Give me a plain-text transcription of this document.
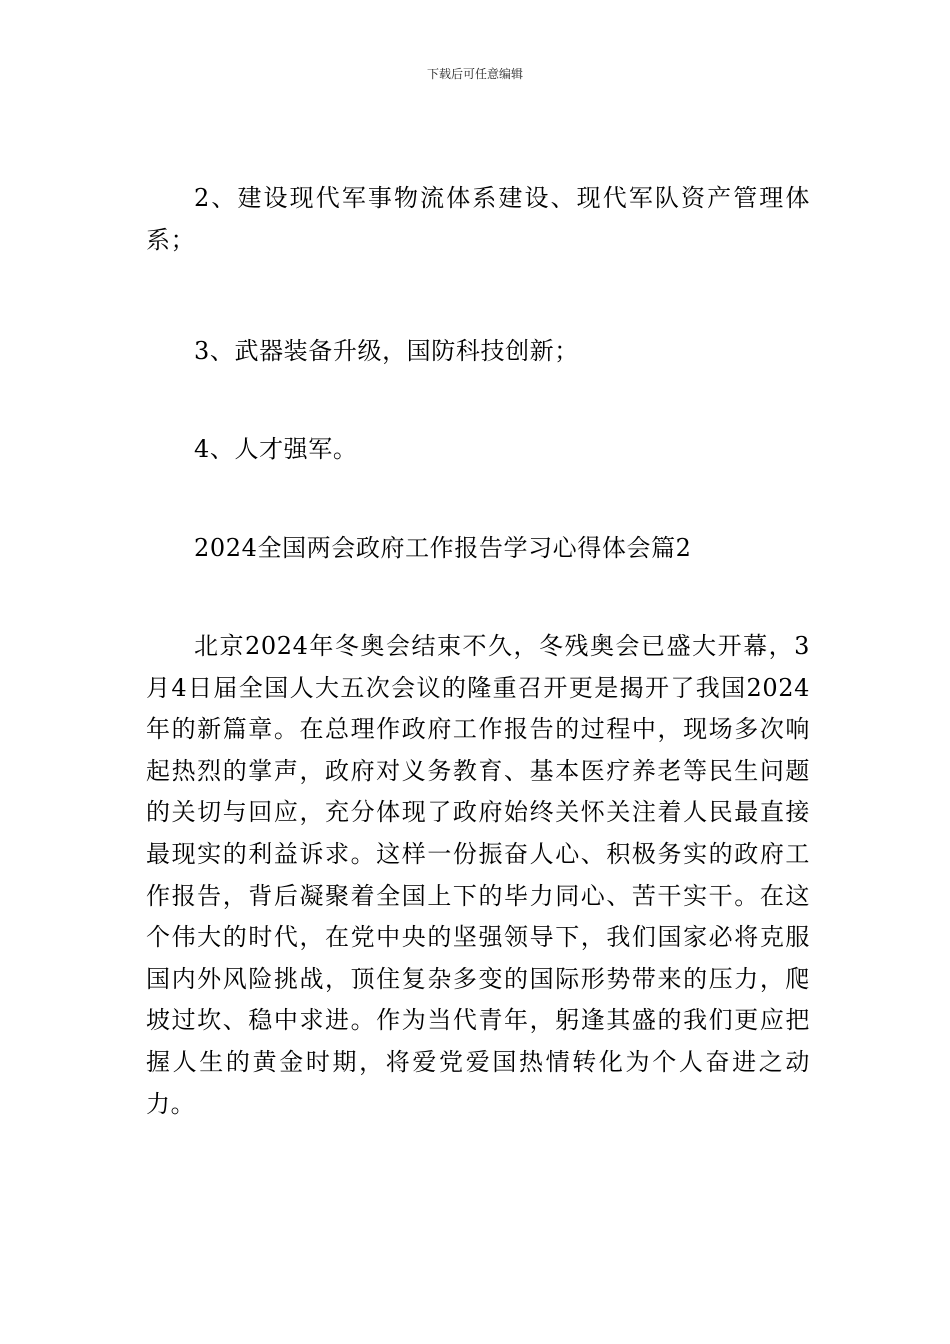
下载后可任意编辑

2、建设现代军事物流体系建设、现代军队资产管理体系；

3、武器装备升级，国防科技创新；

4、人才强军。

2024全国两会政府工作报告学习心得体会篇2

北京2024年冬奥会结束不久，冬残奥会已盛大开幕，3月4日届全国人大五次会议的隆重召开更是揭开了我国2024年的新篇章。在总理作政府工作报告的过程中，现场多次响起热烈的掌声，政府对义务教育、基本医疗养老等民生问题的关切与回应，充分体现了政府始终关怀关注着人民最直接最现实的利益诉求。这样一份振奋人心、积极务实的政府工作报告，背后凝聚着全国上下的毕力同心、苦干实干。在这个伟大的时代，在党中央的坚强领导下，我们国家必将克服国内外风险挑战，顶住复杂多变的国际形势带来的压力，爬坡过坎、稳中求进。作为当代青年，躬逢其盛的我们更应把握人生的黄金时期，将爱党爱国热情转化为个人奋进之动力。
